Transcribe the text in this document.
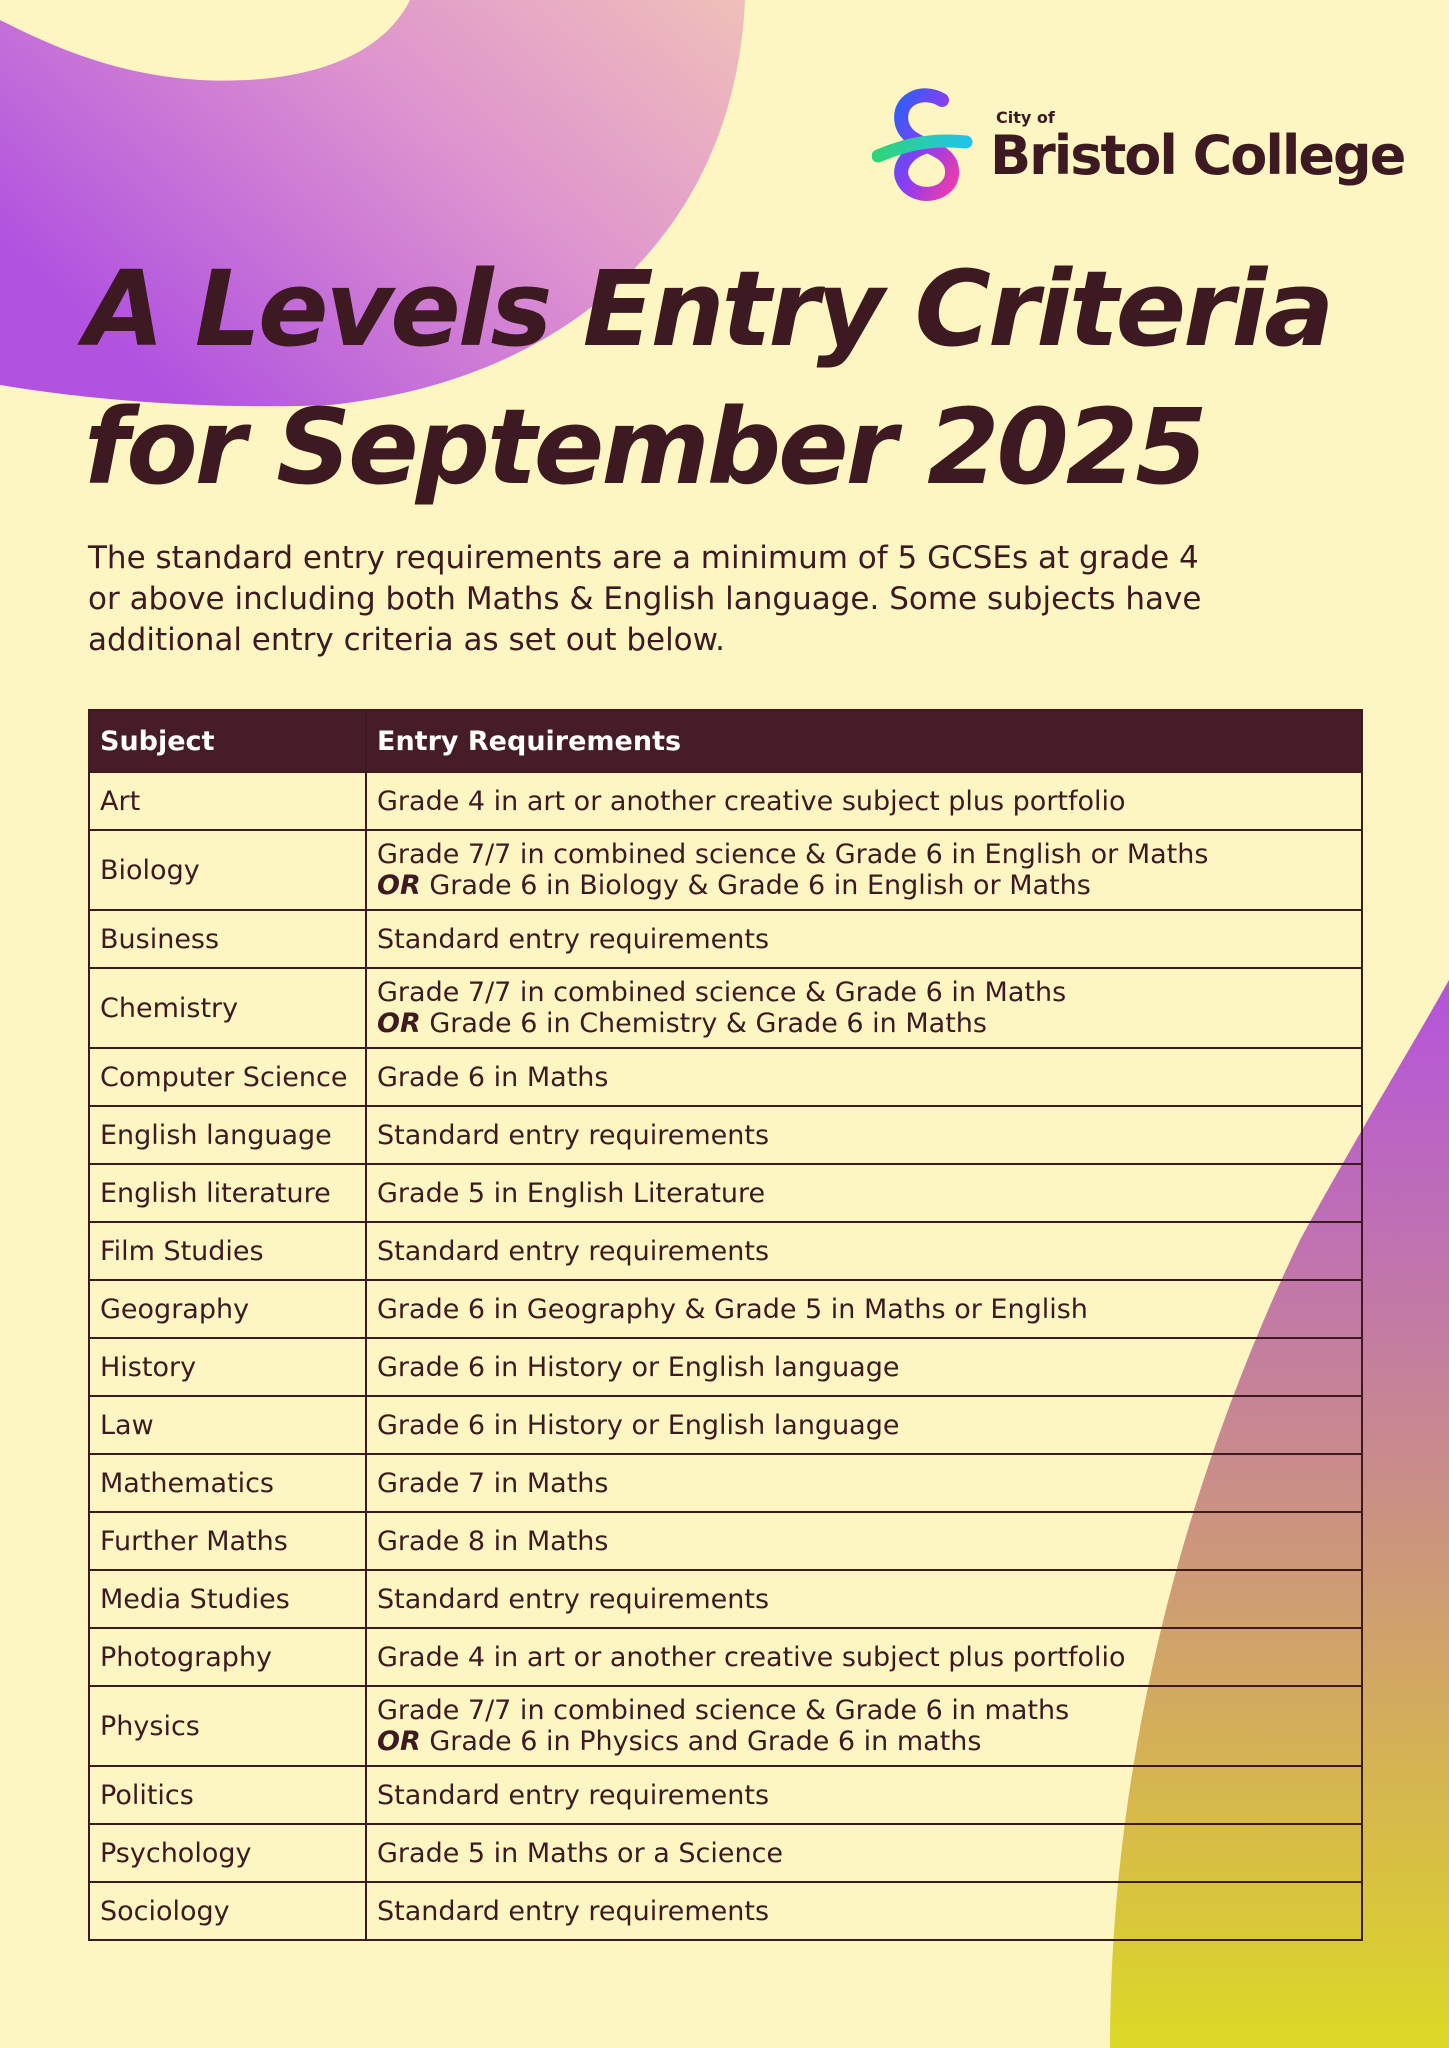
City of
Bristol College
A Levels Entry Criteria
for September 2025

The standard entry requirements are a minimum of 5 GCSEs at grade 4 or above including both Maths & English language. Some subjects have additional entry criteria as set out below.

Subject	Entry Requirements
Art	Grade 4 in art or another creative subject plus portfolio
Biology	Grade 7/7 in combined science & Grade 6 in English or Maths
OR Grade 6 in Biology & Grade 6 in English or Maths
Business	Standard entry requirements
Chemistry	Grade 7/7 in combined science & Grade 6 in Maths
OR Grade 6 in Chemistry & Grade 6 in Maths
Computer Science	Grade 6 in Maths
English language	Standard entry requirements
English literature	Grade 5 in English Literature
Film Studies	Standard entry requirements
Geography	Grade 6 in Geography & Grade 5 in Maths or English
History	Grade 6 in History or English language
Law	Grade 6 in History or English language
Mathematics	Grade 7 in Maths
Further Maths	Grade 8 in Maths
Media Studies	Standard entry requirements
Photography	Grade 4 in art or another creative subject plus portfolio
Physics	Grade 7/7 in combined science & Grade 6 in maths
OR Grade 6 in Physics and Grade 6 in maths
Politics	Standard entry requirements
Psychology	Grade 5 in Maths or a Science
Sociology	Standard entry requirements
